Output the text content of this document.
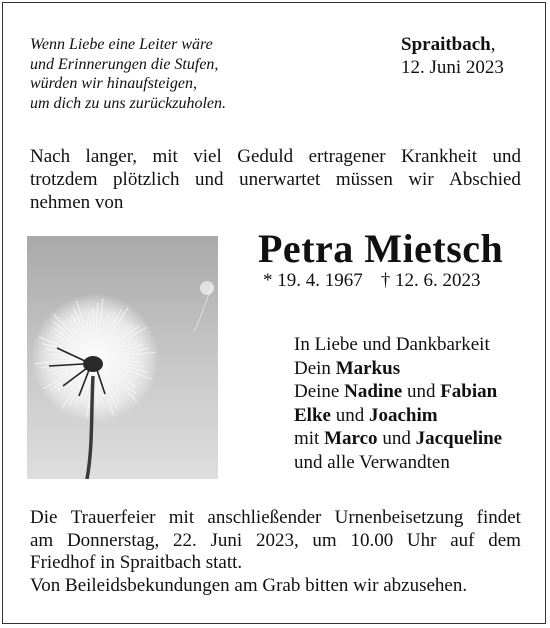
Wenn Liebe eine Leiter wäre
und Erinnerungen die Stufen,
würden wir hinaufsteigen,
um dich zu uns zurückzuholen.
Spraitbach,
12. Juni 2023
Nach langer, mit viel Geduld ertragener Krankheit und
trotzdem plötzlich und unerwartet müssen wir Abschied
nehmen von
Petra Mietsch
* 19. 4. 1967 † 12. 6. 2023
In Liebe und Dankbarkeit
Dein Markus
Deine Nadine und Fabian
Elke und Joachim
mit Marco und Jacqueline
und alle Verwandten
Die Trauerfeier mit anschließender Urnenbeisetzung findet
am Donnerstag, 22. Juni 2023, um 10.00 Uhr auf dem
Friedhof in Spraitbach statt.
Von Beileidsbekundungen am Grab bitten wir abzusehen.
